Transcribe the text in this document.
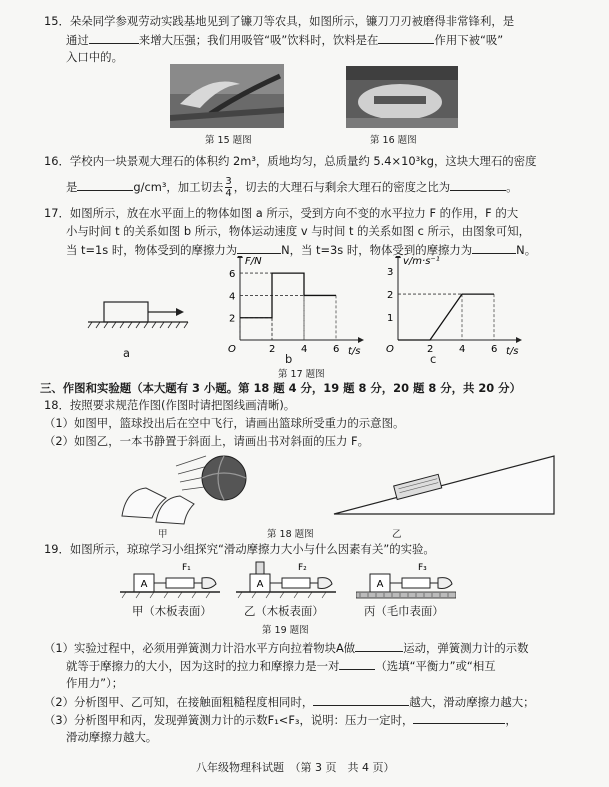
15．朵朵同学参观劳动实践基地见到了镰刀等农具，如图所示，镰刀刀刃被磨得非常锋利，是
通过	来增大压强；我们用吸管“吸”饮料时，饮料是在	作用下被“吸”
入口中的。
第 15 题图	第 16 题图
16．学校内一块景观大理石的体积约 2m³，质地均匀，总质量约 5.4×10³kg，这块大理石的密度
是	g/cm³，加工切去 $\frac{3}{4}$ ，切去的大理石与剩余大理石的密度之比为	。
17．如图所示，放在水平面上的物体如图 a 所示，受到方向不变的水平拉力 F 的作用，F 的大
小与时间 t 的关系如图 b 所示，物体运动速度 v 与时间 t 的关系如图 c 所示，由图象可知，
当 t=1s 时，物体受到的摩擦力为	N，当 t=3s 时，物体受到的摩擦力为	N。
a
F/N
t/s
O	2	4	6
2
4
6
b
v/m·s⁻¹
t/s
O	2	4	6
1
2
3
c
第 17 题图
三、作图和实验题（本大题有 3 小题。第 18 题 4 分，19 题 8 分，20 题 8 分，共 20 分）
18．按照要求规范作图(作图时请把图线画清晰)。
（1）如图甲，篮球投出后在空中飞行，请画出篮球所受重力的示意图。
（2）如图乙，一本书静置于斜面上，请画出书对斜面的压力 F。
甲	第 18 题图	乙
19．如图所示，琼琼学习小组探究“滑动摩擦力大小与什么因素有关”的实验。
A
F₁
甲（木板表面）
A
F₂
乙（木板表面）
A
F₃
丙（毛巾表面）
第 19 题图
（1）实验过程中，必须用弹簧测力计沿水平方向拉着物块A做	运动，弹簧测力计的示数
就等于摩擦力的大小，因为这时的拉力和摩擦力是一对	（选填“平衡力”或“相互
作用力”）；
（2）分析图甲、乙可知，在接触面粗糙程度相同时，	越大，滑动摩擦力越大；
（3）分析图甲和丙，发现弹簧测力计的示数F₁<F₃，说明：压力一定时，	，
滑动摩擦力越大。
八年级物理科试题　（第 3 页　共 4 页）
